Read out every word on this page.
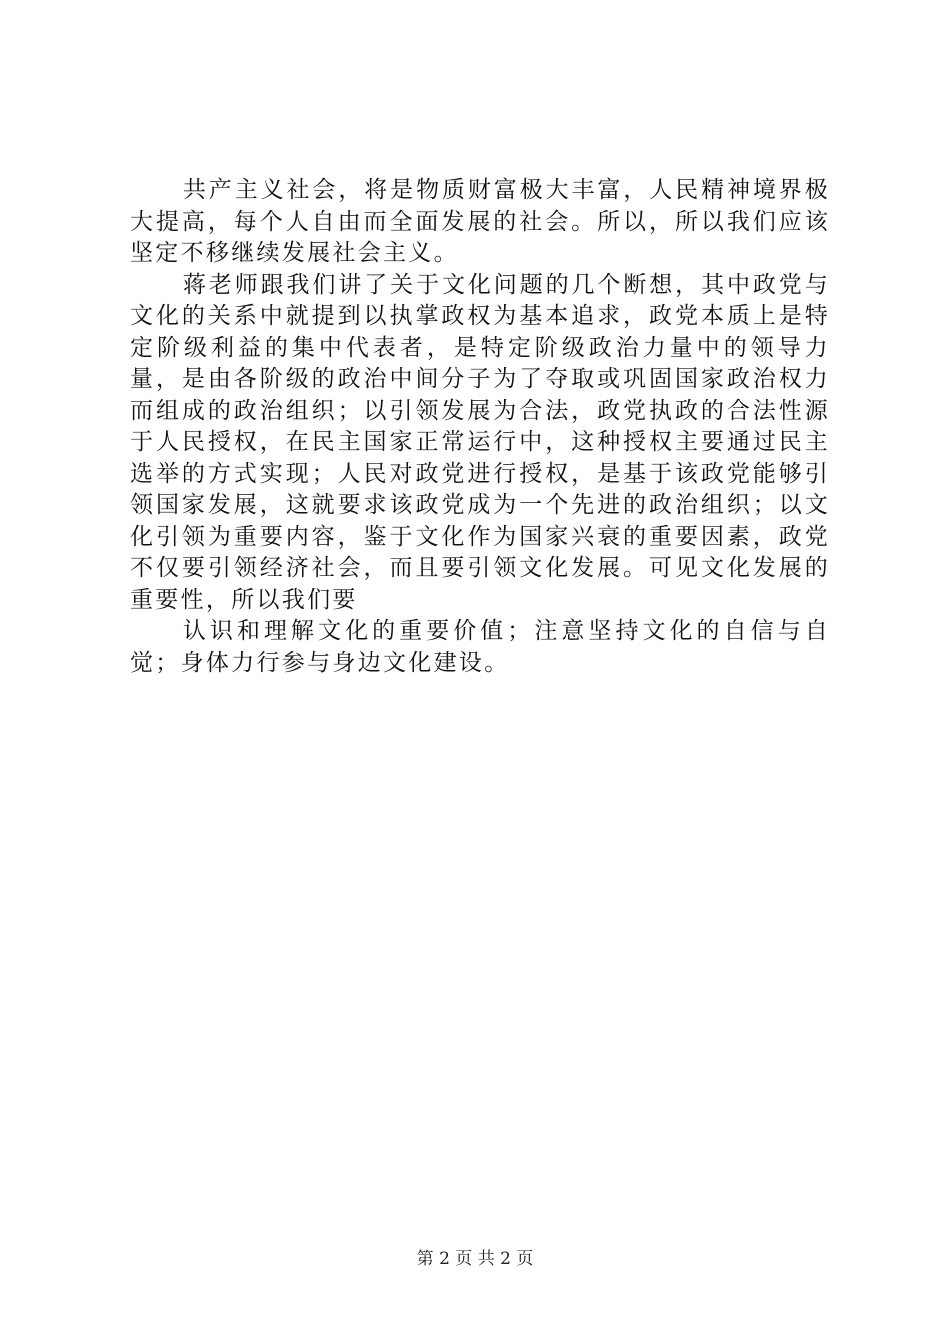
共产主义社会，将是物质财富极大丰富，人民精神境界极大提高，每个人自由而全面发展的社会。所以，所以我们应该坚定不移继续发展社会主义。

蒋老师跟我们讲了关于文化问题的几个断想，其中政党与文化的关系中就提到以执掌政权为基本追求，政党本质上是特定阶级利益的集中代表者，是特定阶级政治力量中的领导力量，是由各阶级的政治中间分子为了夺取或巩固国家政治权力而组成的政治组织；以引领发展为合法，政党执政的合法性源于人民授权，在民主国家正常运行中，这种授权主要通过民主选举的方式实现；人民对政党进行授权，是基于该政党能够引领国家发展，这就要求该政党成为一个先进的政治组织；以文化引领为重要内容，鉴于文化作为国家兴衰的重要因素，政党不仅要引领经济社会，而且要引领文化发展。可见文化发展的重要性，所以我们要

认识和理解文化的重要价值；注意坚持文化的自信与自觉；身体力行参与身边文化建设。

第 2 页 共 2 页
